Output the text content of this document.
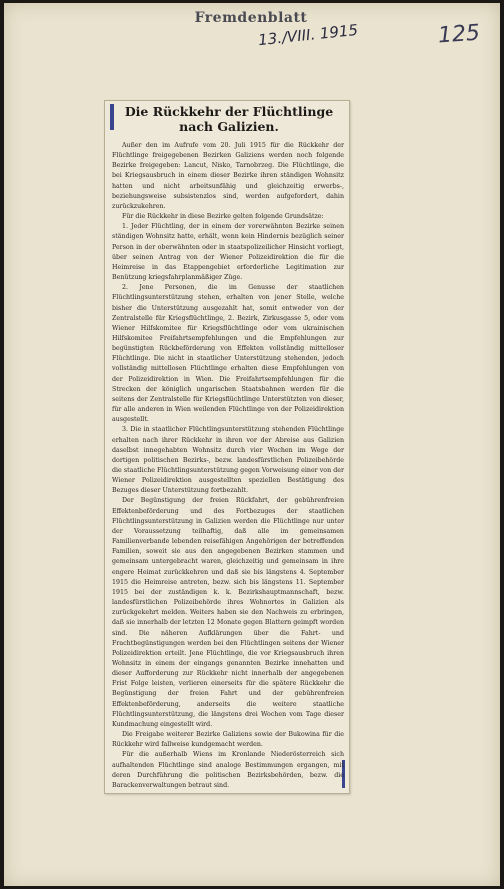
Fremdenblatt
13./VIII. 1915	125
Die Rückkehr der Flüchtlinge nach Galizien.

Außer den im Aufrufe vom 20. Juli 1915 für die Rückkehr der Flüchtlinge freigegebenen Bezirken Galiziens werden noch folgende Bezirke freigegeben: Lancut, Nisko, Tarnobrzeg. Die Flüchtlinge, die bei Kriegsausbruch in einem dieser Bezirke ihren ständigen Wohnsitz hatten und nicht arbeitsunfähig und gleichzeitig erwerbs-, beziehungsweise subsistenzlos sind, werden aufgefordert, dahin zurückzukehren.

Für die Rückkehr in diese Bezirke gelten folgende Grundsätze:

1. Jeder Flüchtling, der in einem der vorerwähnten Bezirke seinen ständigen Wohnsitz hatte, erhält, wenn kein Hindernis bezüglich seiner Person in der oberwähnten oder in staatspolizeilicher Hinsicht vorliegt, über seinen Antrag von der Wiener Polizeidirektion die für die Heimreise in das Etappengebiet erforderliche Legitimation zur Benützung kriegsfahrplanmäßiger Züge.

2. Jene Personen, die im Genusse der staatlichen Flüchtlingsunterstützung stehen, erhalten von jener Stelle, welche bisher die Unterstützung ausgezahlt hat, somit entweder von der Zentralstelle für Kriegsflüchtlinge, 2. Bezirk, Zirkusgasse 5, oder vom Wiener Hilfskomitee für Kriegsflüchtlinge oder vom ukrainischen Hilfskomitee Freifahrtsempfehlungen und die Empfehlungen zur begünstigten Rückbeförderung von Effekten vollständig mittelloser Flüchtlinge. Die nicht in staatlicher Unterstützung stehenden, jedoch vollständig mittellosen Flüchtlinge erhalten diese Empfehlungen von der Polizeidirektion in Wien. Die Freifahrtsempfehlungen für die Strecken der königlich ungarischen Staatsbahnen werden für die seitens der Zentralstelle für Kriegsflüchtlinge Unterstützten von dieser, für alle anderen in Wien weilenden Flüchtlinge von der Polizeidirektion ausgestellt.

3. Die in staatlicher Flüchtlingsunterstützung stehenden Flüchtlinge erhalten nach ihrer Rückkehr in ihren vor der Abreise aus Galizien daselbst innegehabten Wohnsitz durch vier Wochen im Wege der dortigen politischen Bezirks-, bezw. landesfürstlichen Polizeibehörde die staatliche Flüchtlingsunterstützung gegen Vorweisung einer von der Wiener Polizeidirektion ausgestellten speziellen Bestätigung des Bezuges dieser Unterstützung fortbezahlt.

Der Begünstigung der freien Rückfahrt, der gebührenfreien Effektenbeförderung und des Fortbezuges der staatlichen Flüchtlingsunterstützung in Galizien werden die Flüchtlinge nur unter der Voraussetzung teilhaftig, daß alle im gemeinsamen Familienverbande lebenden reisefähigen Angehörigen der betreffenden Familien, soweit sie aus den angegebenen Bezirken stammen und gemeinsam untergebracht waren, gleichzeitig und gemeinsam in ihre engere Heimat zurückkehren und daß sie bis längstens 4. September 1915 die Heimreise antreten, bezw. sich bis längstens 11. September 1915 bei der zuständigen k. k. Bezirkshauptmannschaft, bezw. landesfürstlichen Polizeibehörde ihres Wohnortes in Galizien als zurückgekehrt melden. Weiters haben sie den Nachweis zu erbringen, daß sie innerhalb der letzten 12 Monate gegen Blattern geimpft worden sind. Die näheren Aufklärungen über die Fahrt- und Frachtbegünstigungen werden bei den Flüchtlingen seitens der Wiener Polizeidirektion erteilt. Jene Flüchtlinge, die vor Kriegsausbruch ihren Wohnsitz in einem der eingangs genannten Bezirke innehatten und dieser Aufforderung zur Rückkehr nicht innerhalb der angegebenen Frist Folge leisten, verlieren einerseits für die spätere Rückkehr die Begünstigung der freien Fahrt und der gebührenfreien Effektenbeförderung, anderseits die weitere staatliche Flüchtlingsunterstützung, die längstens drei Wochen vom Tage dieser Kundmachung eingestellt wird.

Die Freigabe weiterer Bezirke Galiziens sowie der Bukowina für die Rückkehr wird fallweise kundgemacht werden.

Für die außerhalb Wiens im Kronlande Niederösterreich sich aufhaltenden Flüchtlinge sind analoge Bestimmungen ergangen, mit deren Durchführung die politischen Bezirksbehörden, bezw. die Barackenverwaltungen betraut sind.
